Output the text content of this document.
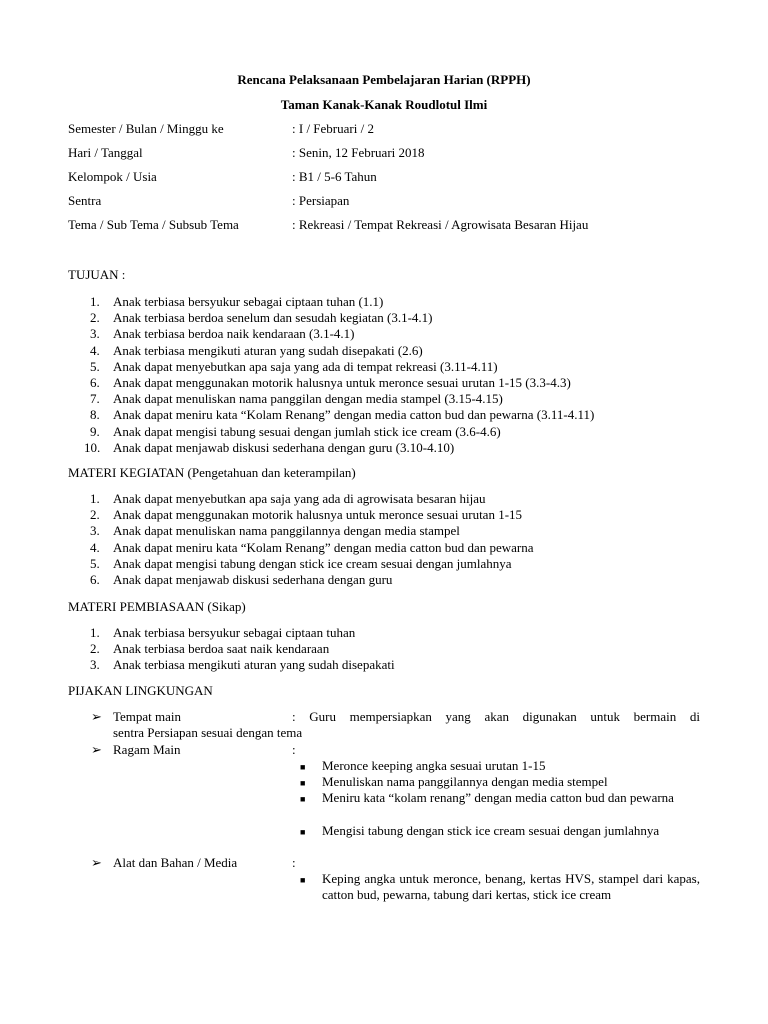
Rencana Pelaksanaan Pembelajaran Harian (RPPH)
Taman Kanak-Kanak Roudlotul Ilmi
Semester / Bulan / Minggu ke	: I / Februari / 2
Hari / Tanggal	: Senin, 12 Februari 2018
Kelompok / Usia	: B1 / 5-6 Tahun
Sentra	: Persiapan
Tema / Sub Tema / Subsub Tema	: Rekreasi / Tempat Rekreasi / Agrowisata Besaran Hijau
TUJUAN :
1. Anak terbiasa bersyukur sebagai ciptaan tuhan (1.1)
2. Anak terbiasa berdoa senelum dan sesudah kegiatan (3.1-4.1)
3. Anak terbiasa berdoa naik kendaraan (3.1-4.1)
4. Anak terbiasa mengikuti aturan yang sudah disepakati (2.6)
5. Anak dapat menyebutkan apa saja yang ada di tempat rekreasi (3.11-4.11)
6. Anak dapat menggunakan motorik halusnya untuk meronce sesuai urutan 1-15 (3.3-4.3)
7. Anak dapat menuliskan nama panggilan dengan media stampel (3.15-4.15)
8. Anak dapat meniru kata “Kolam Renang” dengan media catton bud dan pewarna (3.11-4.11)
9. Anak dapat mengisi tabung sesuai dengan jumlah stick ice cream (3.6-4.6)
10. Anak dapat menjawab diskusi sederhana dengan guru (3.10-4.10)
MATERI KEGIATAN (Pengetahuan dan keterampilan)
1. Anak dapat menyebutkan apa saja yang ada di agrowisata besaran hijau
2. Anak dapat menggunakan motorik halusnya untuk meronce sesuai urutan 1-15
3. Anak dapat menuliskan nama panggilannya dengan media stampel
4. Anak dapat meniru kata “Kolam Renang” dengan media catton bud dan pewarna
5. Anak dapat mengisi tabung dengan stick ice cream sesuai dengan jumlahnya
6. Anak dapat menjawab diskusi sederhana dengan guru
MATERI PEMBIASAAN (Sikap)
1. Anak terbiasa bersyukur sebagai ciptaan tuhan
2. Anak terbiasa berdoa saat naik kendaraan
3. Anak terbiasa mengikuti aturan yang sudah disepakati
PIJAKAN LINGKUNGAN
➢ Tempat main	: Guru mempersiapkan yang akan digunakan untuk bermain di
sentra Persiapan sesuai dengan tema
➢ Ragam Main	:
■ Meronce keeping angka sesuai urutan 1-15
■ Menuliskan nama panggilannya dengan media stempel
■ Meniru kata “kolam renang” dengan media catton bud dan pewarna
■ Mengisi tabung dengan stick ice cream sesuai dengan jumlahnya
➢ Alat dan Bahan / Media	:
■ Keping angka untuk meronce, benang, kertas HVS, stampel dari kapas, catton bud, pewarna, tabung dari kertas, stick ice cream
